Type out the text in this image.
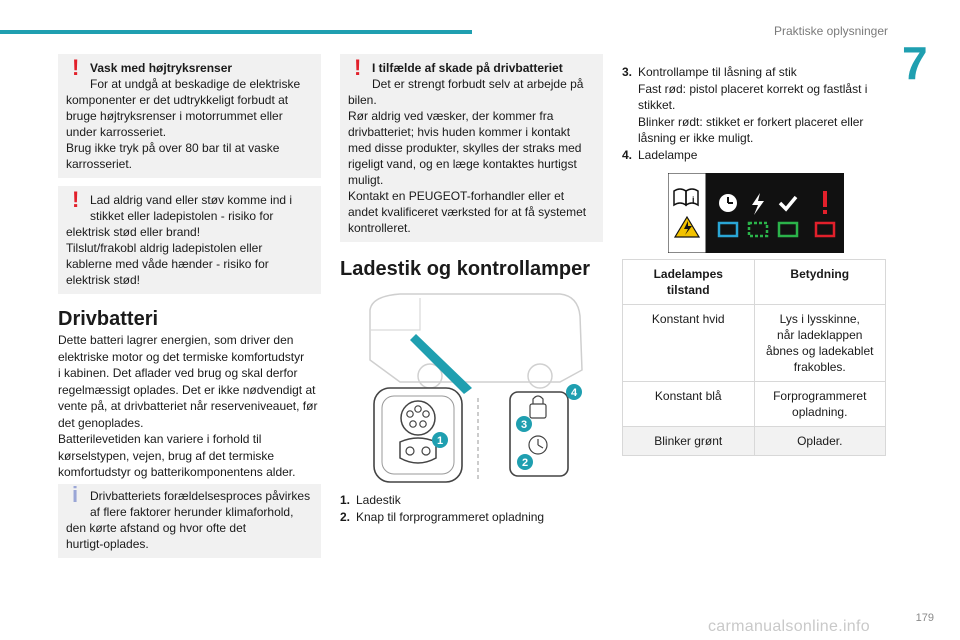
Praktiske oplysninger
7
! Vask med højtryksrenser

For at undgå at beskadige de elektriske

komponenter er det udtrykkeligt forbudt at

bruge højtryksrenser i motorrummet eller

under karrosseriet.

Brug ikke tryk på over 80 bar til at vaske

karrosseriet.

! Lad aldrig vand eller støv komme ind i

stikket eller ladepistolen - risiko for

elektrisk stød eller brand!

Tilslut/frakobl aldrig ladepistolen eller

kablerne med våde hænder - risiko for

elektrisk stød!

Drivbatteri
Dette batteri lagrer energien, som driver den
elektriske motor og det termiske komfortudstyr
i kabinen. Det aflader ved brug og skal derfor
regelmæssigt oplades. Det er ikke nødvendigt at
vente på, at drivbatteriet når reserveniveauet, før
det genoplades.
Batterilevetiden kan variere i forhold til
kørselstypen, vejen, brug af det termiske
komfortudstyr og batterikomponentens alder.
i Drivbatteriets forældelsesproces påvirkes

af flere faktorer herunder klimaforhold,

den kørte afstand og hvor ofte det

hurtigt-oplades.

! I tilfælde af skade på drivbatteriet

Det er strengt forbudt selv at arbejde på

bilen.

Rør aldrig ved væsker, der kommer fra

drivbatteriet; hvis huden kommer i kontakt

med disse produkter, skylles der straks med

rigeligt vand, og en læge kontaktes hurtigst

muligt.

Kontakt en PEUGEOT-forhandler eller et

andet kvalificeret værksted for at få systemet

kontrolleret.

Ladestik og kontrollamper
1
2
3
4
1. Ladestik
2. Knap til forprogrammeret opladning
3. Kontrollampe til låsning af stik
Fast rød: pistol placeret korrekt og fastlåst i
stikket.
Blinker rødt: stikket er forkert placeret eller
låsning er ikke muligt.
4. Ladelampe
i
Ladelampes
tilstand	Betydning
Konstant hvid	Lys i lysskinne,
når ladeklappen
åbnes og ladekablet
frakobles.

Konstant blå	Forprogrammeret
opladning.

Blinker grønt	Oplader.
carmanualsonline.info	179
